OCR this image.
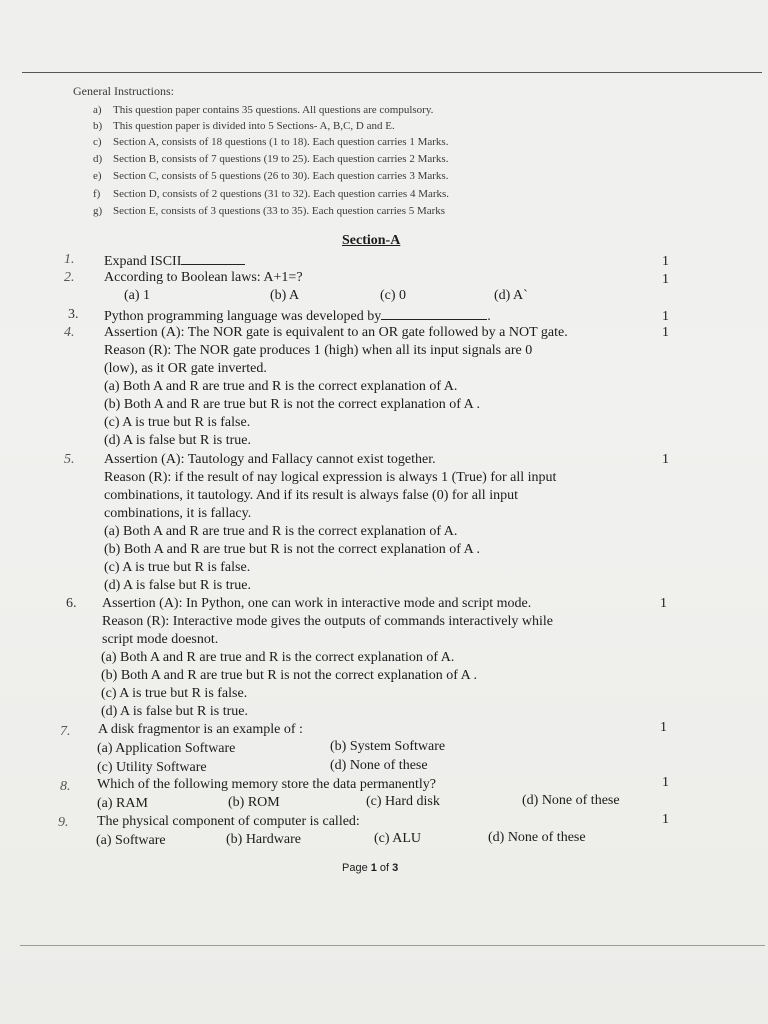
General Instructions:
a) This question paper contains 35 questions. All questions are compulsory.
b) This question paper is divided into 5 Sections- A, B,C, D and E.
c) Section A, consists of 18 questions (1 to 18). Each question carries 1 Marks.
d) Section B, consists of 7 questions (19 to 25). Each question carries 2 Marks.
e) Section C, consists of 5 questions (26 to 30). Each question carries 3 Marks.
f) Section D, consists of 2 questions (31 to 32). Each question carries 4 Marks.
g) Section E, consists of 3 questions (33 to 35). Each question carries 5 Marks
Section-A
1. Expand ISCII	1
2. According to Boolean laws: A+1=?	1
(a) 1	(b) A	(c) 0	(d) A`
3. Python programming language was developed by	.	1
4. Assertion (A): The NOR gate is equivalent to an OR gate followed by a NOT gate.	1
Reason (R): The NOR gate produces 1 (high) when all its input signals are 0
(low), as it OR gate inverted.
(a) Both A and R are true and R is the correct explanation of A.
(b) Both A and R are true but R is not the correct explanation of A .
(c) A is true but R is false.
(d) A is false but R is true.
5. Assertion (A): Tautology and Fallacy cannot exist together.	1
Reason (R): if the result of nay logical expression is always 1 (True) for all input
combinations, it tautology. And if its result is always false (0) for all input
combinations, it is fallacy.
(a) Both A and R are true and R is the correct explanation of A.
(b) Both A and R are true but R is not the correct explanation of A .
(c) A is true but R is false.
(d) A is false but R is true.
6. Assertion (A): In Python, one can work in interactive mode and script mode.	1
Reason (R): Interactive mode gives the outputs of commands interactively while
script mode doesnot.
(a) Both A and R are true and R is the correct explanation of A.
(b) Both A and R are true but R is not the correct explanation of A .
(c) A is true but R is false.
(d) A is false but R is true.
7. A disk fragmentor is an example of :	1
(a) Application Software	(b) System Software
(c) Utility Software	(d) None of these
8. Which of the following memory store the data permanently?	1
(a) RAM	(b) ROM	(c) Hard disk	(d) None of these
9. The physical component of computer is called:	1
(a) Software	(b) Hardware	(c) ALU	(d) None of these
Page 1 of 3
